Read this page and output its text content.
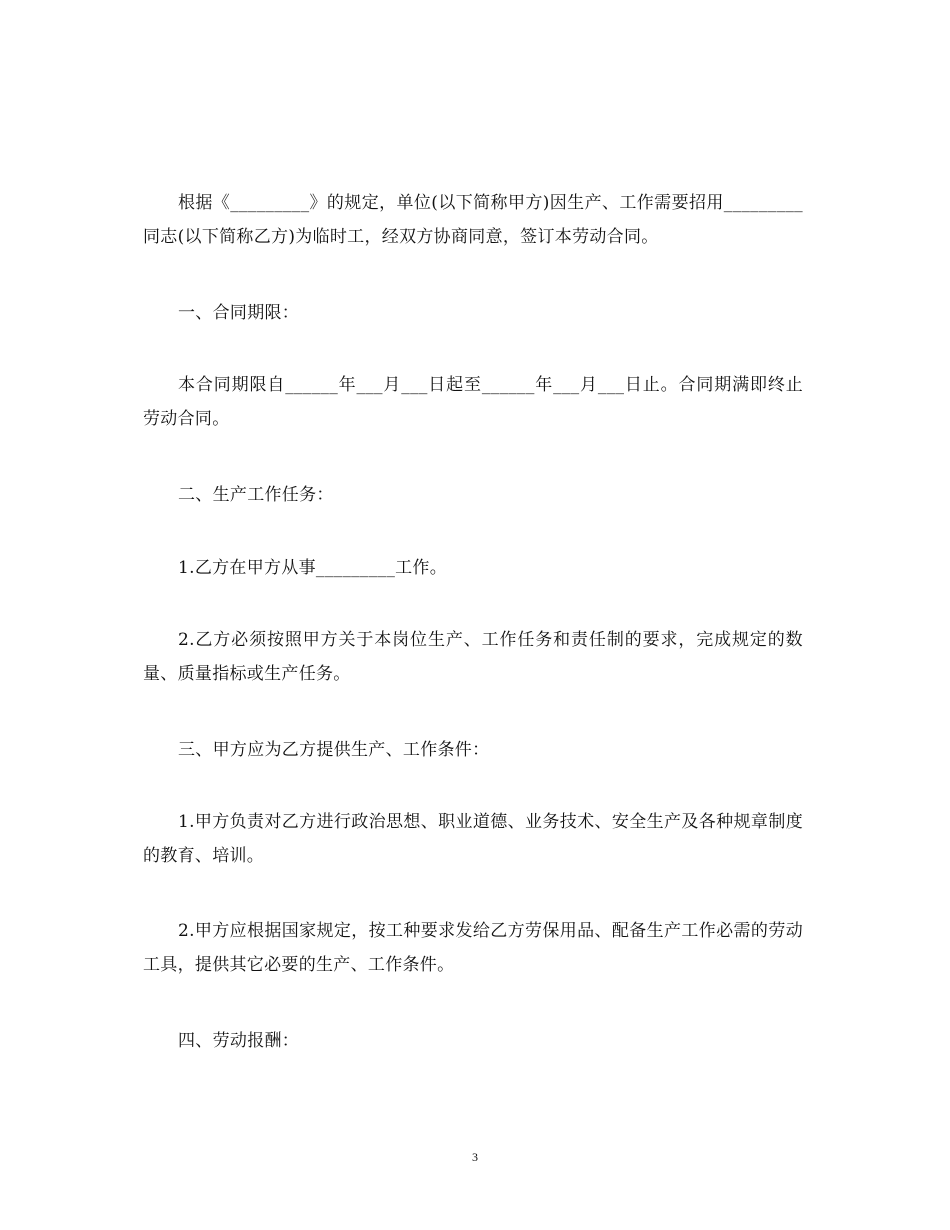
根据《_________》的规定，单位(以下简称甲方)因生产、工作需要招用_________同志(以下简称乙方)为临时工，经双方协商同意，签订本劳动合同。

一、合同期限：

本合同期限自______年___月___日起至______年___月___日止。合同期满即终止劳动合同。

二、生产工作任务：

1.乙方在甲方从事_________工作。

2.乙方必须按照甲方关于本岗位生产、工作任务和责任制的要求，完成规定的数量、质量指标或生产任务。

三、甲方应为乙方提供生产、工作条件：

1.甲方负责对乙方进行政治思想、职业道德、业务技术、安全生产及各种规章制度的教育、培训。

2.甲方应根据国家规定，按工种要求发给乙方劳保用品、配备生产工作必需的劳动工具，提供其它必要的生产、工作条件。

四、劳动报酬：

3
